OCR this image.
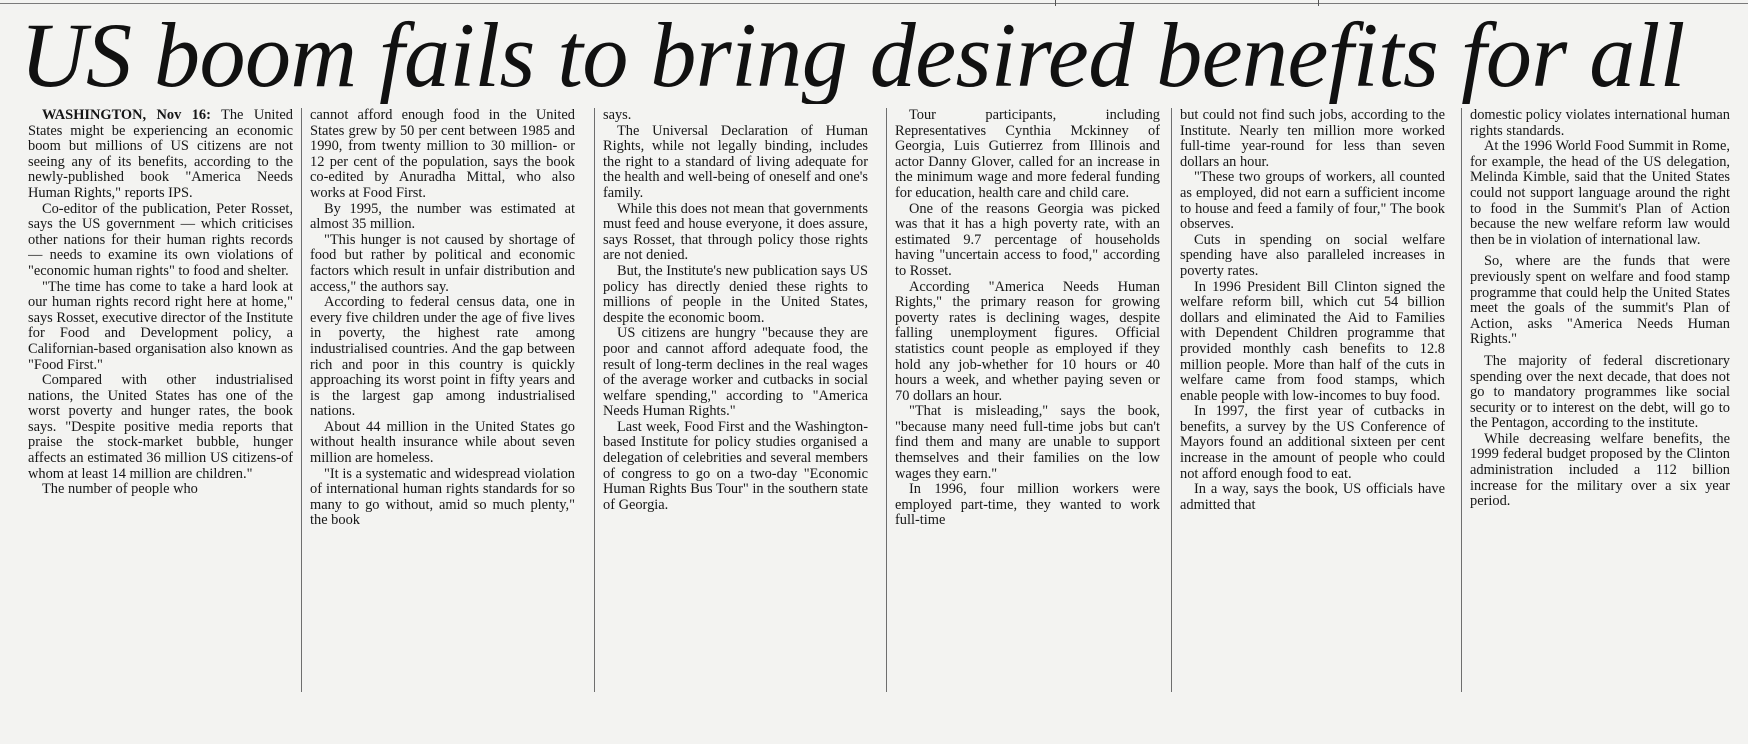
US boom fails to bring desired benefits for all

WASHINGTON, Nov 16: The United States might be experiencing an economic boom but millions of US citizens are not seeing any of its benefits, according to the newly-published book "America Needs Human Rights," reports IPS.

Co-editor of the publication, Peter Rosset, says the US government — which criticises other nations for their human rights records — needs to examine its own violations of "economic human rights" to food and shelter.

"The time has come to take a hard look at our human rights record right here at home," says Rosset, executive director of the Institute for Food and Development policy, a Californian-based organisation also known as "Food First."

Compared with other industrialised nations, the United States has one of the worst poverty and hunger rates, the book says. "Despite positive media reports that praise the stock-market bubble, hunger affects an estimated 36 million US citizens-of whom at least 14 million are children."

The number of people who

cannot afford enough food in the United States grew by 50 per cent between 1985 and 1990, from twenty million to 30 million- or 12 per cent of the population, says the book co-edited by Anuradha Mittal, who also works at Food First.

By 1995, the number was estimated at almost 35 million.

"This hunger is not caused by shortage of food but rather by political and economic factors which result in unfair distribution and access," the authors say.

According to federal census data, one in every five children under the age of five lives in poverty, the highest rate among industrialised countries. And the gap between rich and poor in this country is quickly approaching its worst point in fifty years and is the largest gap among industrialised nations.

About 44 million in the United States go without health insurance while about seven million are homeless.

"It is a systematic and widespread violation of international human rights standards for so many to go without, amid so much plenty," the book

says.

The Universal Declaration of Human Rights, while not legally binding, includes the right to a standard of living adequate for the health and well-being of oneself and one's family.

While this does not mean that governments must feed and house everyone, it does assure, says Rosset, that through policy those rights are not denied.

But, the Institute's new publication says US policy has directly denied these rights to millions of people in the United States, despite the economic boom.

US citizens are hungry "because they are poor and cannot afford adequate food, the result of long-term declines in the real wages of the average worker and cutbacks in social welfare spending," according to "America Needs Human Rights."

Last week, Food First and the Washington-based Institute for policy studies organised a delegation of celebrities and several members of congress to go on a two-day "Economic Human Rights Bus Tour" in the southern state of Georgia.

Tour participants, including Representatives Cynthia Mckinney of Georgia, Luis Gutierrez from Illinois and actor Danny Glover, called for an increase in the minimum wage and more federal funding for education, health care and child care.

One of the reasons Georgia was picked was that it has a high poverty rate, with an estimated 9.7 percentage of households having "uncertain access to food," according to Rosset.

According "America Needs Human Rights," the primary reason for growing poverty rates is declining wages, despite falling unemployment figures. Official statistics count people as employed if they hold any job-whether for 10 hours or 40 hours a week, and whether paying seven or 70 dollars an hour.

"That is misleading," says the book, "because many need full-time jobs but can't find them and many are unable to support themselves and their families on the low wages they earn."

In 1996, four million workers were employed part-time, they wanted to work full-time

but could not find such jobs, according to the Institute. Nearly ten million more worked full-time year-round for less than seven dollars an hour.

"These two groups of workers, all counted as employed, did not earn a sufficient income to house and feed a family of four," The book observes.

Cuts in spending on social welfare spending have also paralleled increases in poverty rates.

In 1996 President Bill Clinton signed the welfare reform bill, which cut 54 billion dollars and eliminated the Aid to Families with Dependent Children programme that provided monthly cash benefits to 12.8 million people. More than half of the cuts in welfare came from food stamps, which enable people with low-incomes to buy food.

In 1997, the first year of cutbacks in benefits, a survey by the US Conference of Mayors found an additional sixteen per cent increase in the amount of people who could not afford enough food to eat.

In a way, says the book, US officials have admitted that

domestic policy violates international human rights standards.

At the 1996 World Food Summit in Rome, for example, the head of the US delegation, Melinda Kimble, said that the United States could not support language around the right to food in the Summit's Plan of Action because the new welfare reform law would then be in violation of international law.

So, where are the funds that were previously spent on welfare and food stamp programme that could help the United States meet the goals of the summit's Plan of Action, asks "America Needs Human Rights."

The majority of federal discretionary spending over the next decade, that does not go to mandatory programmes like social security or to interest on the debt, will go to the Pentagon, according to the institute.

While decreasing welfare benefits, the 1999 federal budget proposed by the Clinton administration included a 112 billion increase for the military over a six year period.
